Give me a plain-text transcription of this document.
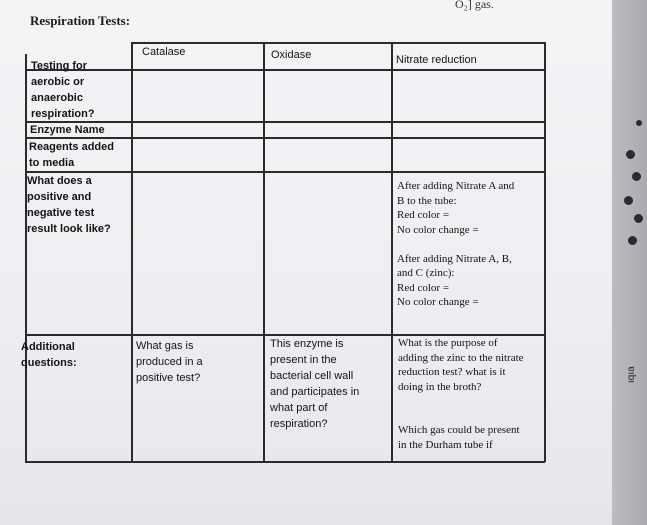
O₂] gas.
ıqıa
Respiration Tests:
Catalase	Oxidase	Nitrate reduction
Testing for
aerobic or
anaerobic
respiration?
Enzyme Name
Reagents added
to media
What does a
positive and
negative test
result look like?
Additional
questions:
After adding Nitrate A and
B to the tube:
Red color =
No color change =

After adding Nitrate A, B,
and C (zinc):
Red color =
No color change =
What gas is
produced in a
positive test?
This enzyme is
present in the
bacterial cell wall
and participates in
what part of
respiration?
What is the purpose of
adding the zinc to the nitrate
reduction test? what is it
doing in the broth?

Which gas could be present
in the Durham tube if
